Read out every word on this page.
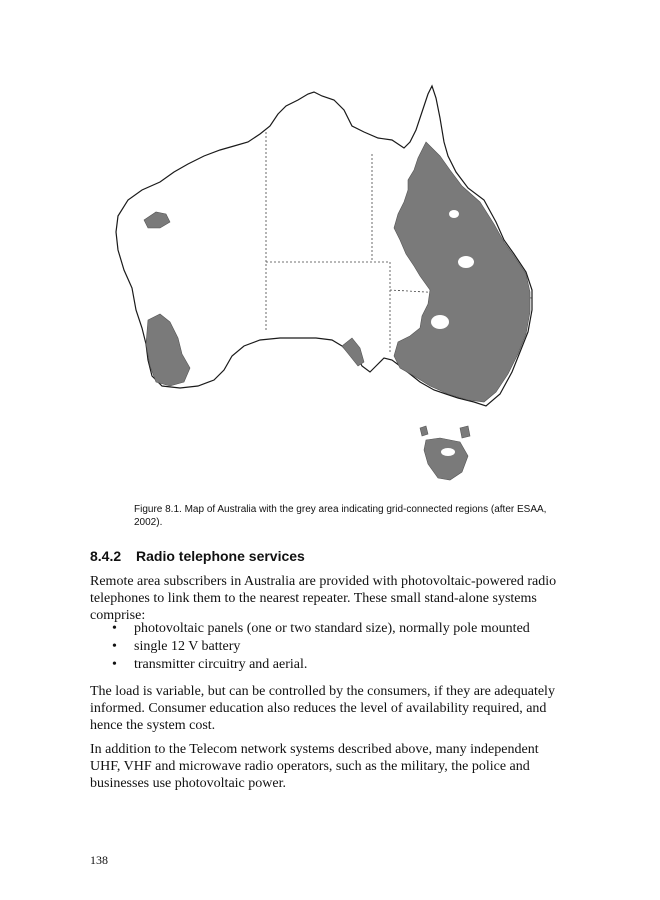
Figure 8.1. Map of Australia with the grey area indicating grid-connected regions (after ESAA, 2002).
8.4.2 Radio telephone services

Remote area subscribers in Australia are provided with photovoltaic-powered radio telephones to link them to the nearest repeater. These small stand-alone systems comprise:

• photovoltaic panels (one or two standard size), normally pole mounted
• single 12 V battery
• transmitter circuitry and aerial.

The load is variable, but can be controlled by the consumers, if they are adequately informed. Consumer education also reduces the level of availability required, and hence the system cost.

In addition to the Telecom network systems described above, many independent UHF, VHF and microwave radio operators, such as the military, the police and businesses use photovoltaic power.

138
